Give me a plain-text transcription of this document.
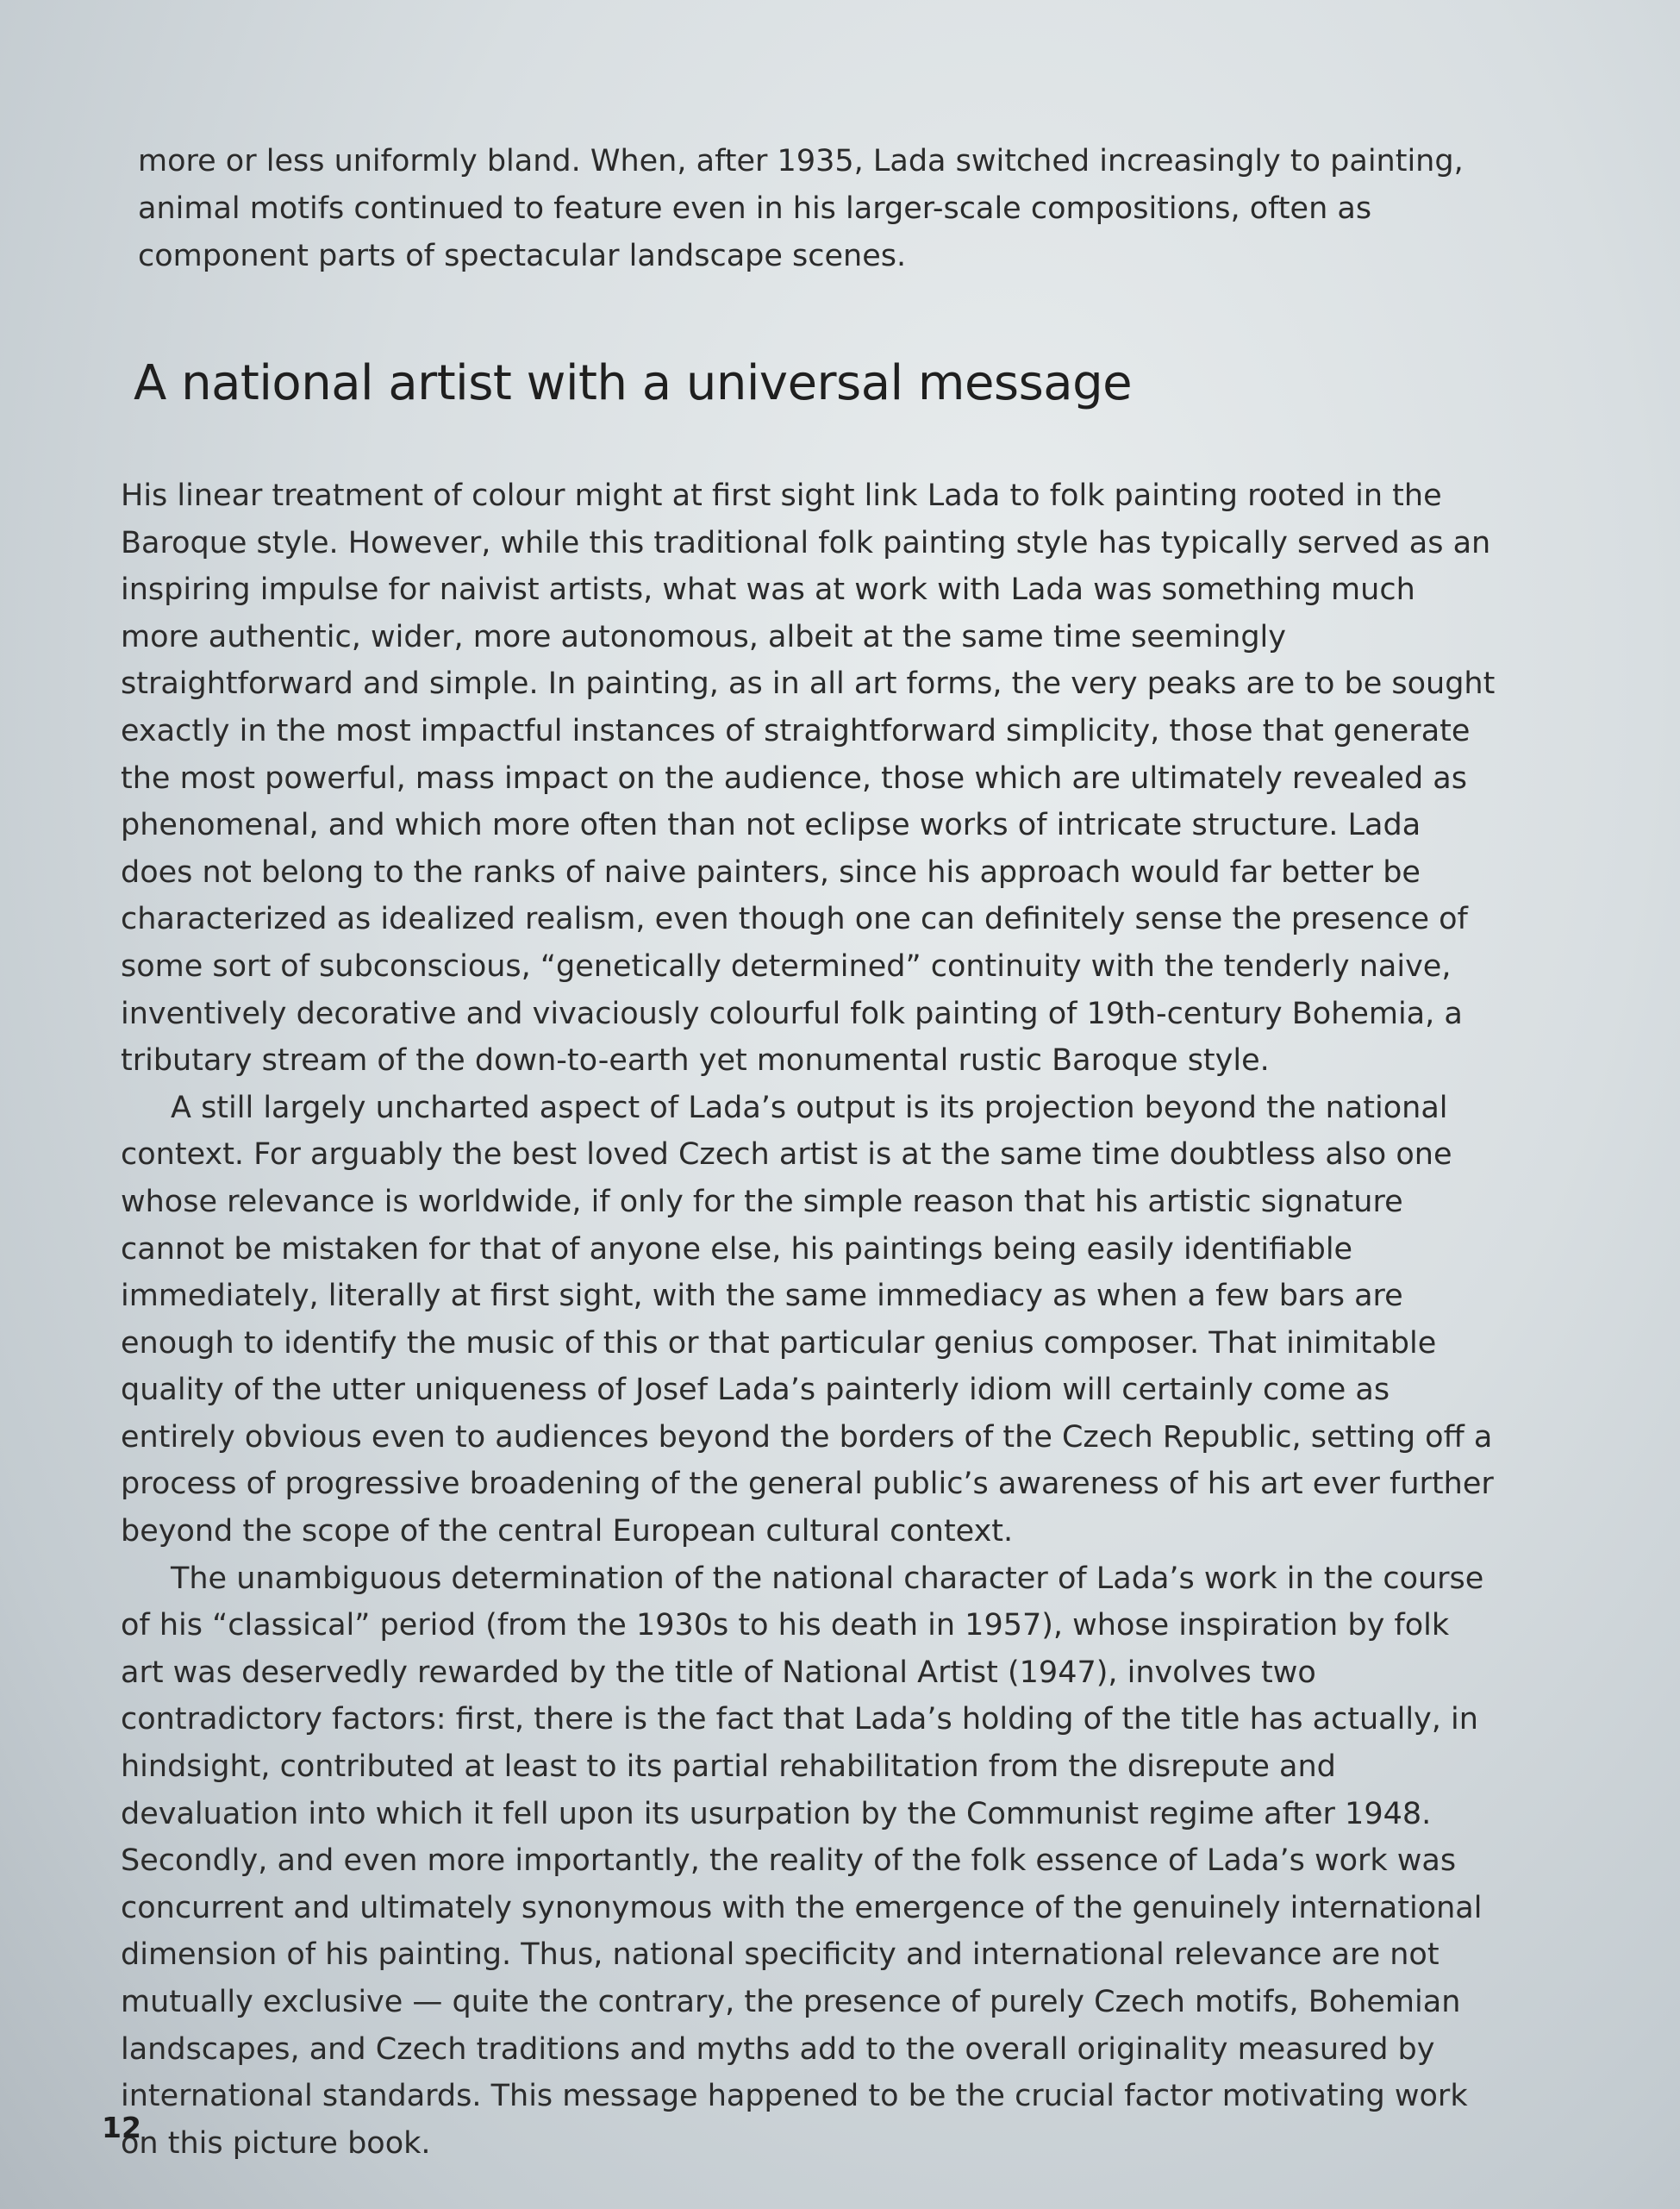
more or less uniformly bland. When, after 1935, Lada switched increasingly to painting, animal motifs continued to feature even in his larger-scale compositions, often as component parts of spectacular landscape scenes.

A national artist with a universal message

His linear treatment of colour might at first sight link Lada to folk painting rooted in the Baroque style. However, while this traditional folk painting style has typically served as an inspiring impulse for naivist artists, what was at work with Lada was something much more authentic, wider, more autonomous, albeit at the same time seemingly straightforward and simple. In painting, as in all art forms, the very peaks are to be sought exactly in the most impactful instances of straightforward simplicity, those that generate the most powerful, mass impact on the audience, those which are ultimately revealed as phenomenal, and which more often than not eclipse works of intricate structure. Lada does not belong to the ranks of naive painters, since his approach would far better be characterized as idealized realism, even though one can definitely sense the presence of some sort of subconscious, “genetically determined” continuity with the tenderly naive, inventively decorative and vivaciously colourful folk painting of 19th-century Bohemia, a tributary stream of the down-to-earth yet monumental rustic Baroque style.

A still largely uncharted aspect of Lada’s output is its projection beyond the national context. For arguably the best loved Czech artist is at the same time doubtless also one whose relevance is worldwide, if only for the simple reason that his artistic signature cannot be mistaken for that of anyone else, his paintings being easily identifiable immediately, literally at first sight, with the same immediacy as when a few bars are enough to identify the music of this or that particular genius composer. That inimitable quality of the utter uniqueness of Josef Lada’s painterly idiom will certainly come as entirely obvious even to audiences beyond the borders of the Czech Republic, setting off a process of progressive broadening of the general public’s awareness of his art ever further beyond the scope of the central European cultural context.

The unambiguous determination of the national character of Lada’s work in the course of his “classical” period (from the 1930s to his death in 1957), whose inspiration by folk art was deservedly rewarded by the title of National Artist (1947), involves two contradictory factors: first, there is the fact that Lada’s holding of the title has actually, in hindsight, contributed at least to its partial rehabilitation from the disrepute and devaluation into which it fell upon its usurpation by the Communist regime after 1948. Secondly, and even more importantly, the reality of the folk essence of Lada’s work was concurrent and ultimately synonymous with the emergence of the genuinely international dimension of his painting. Thus, national specificity and international relevance are not mutually exclusive — quite the contrary, the presence of purely Czech motifs, Bohemian landscapes, and Czech traditions and myths add to the overall originality measured by international standards. This message happened to be the crucial factor motivating work on this picture book.

12
